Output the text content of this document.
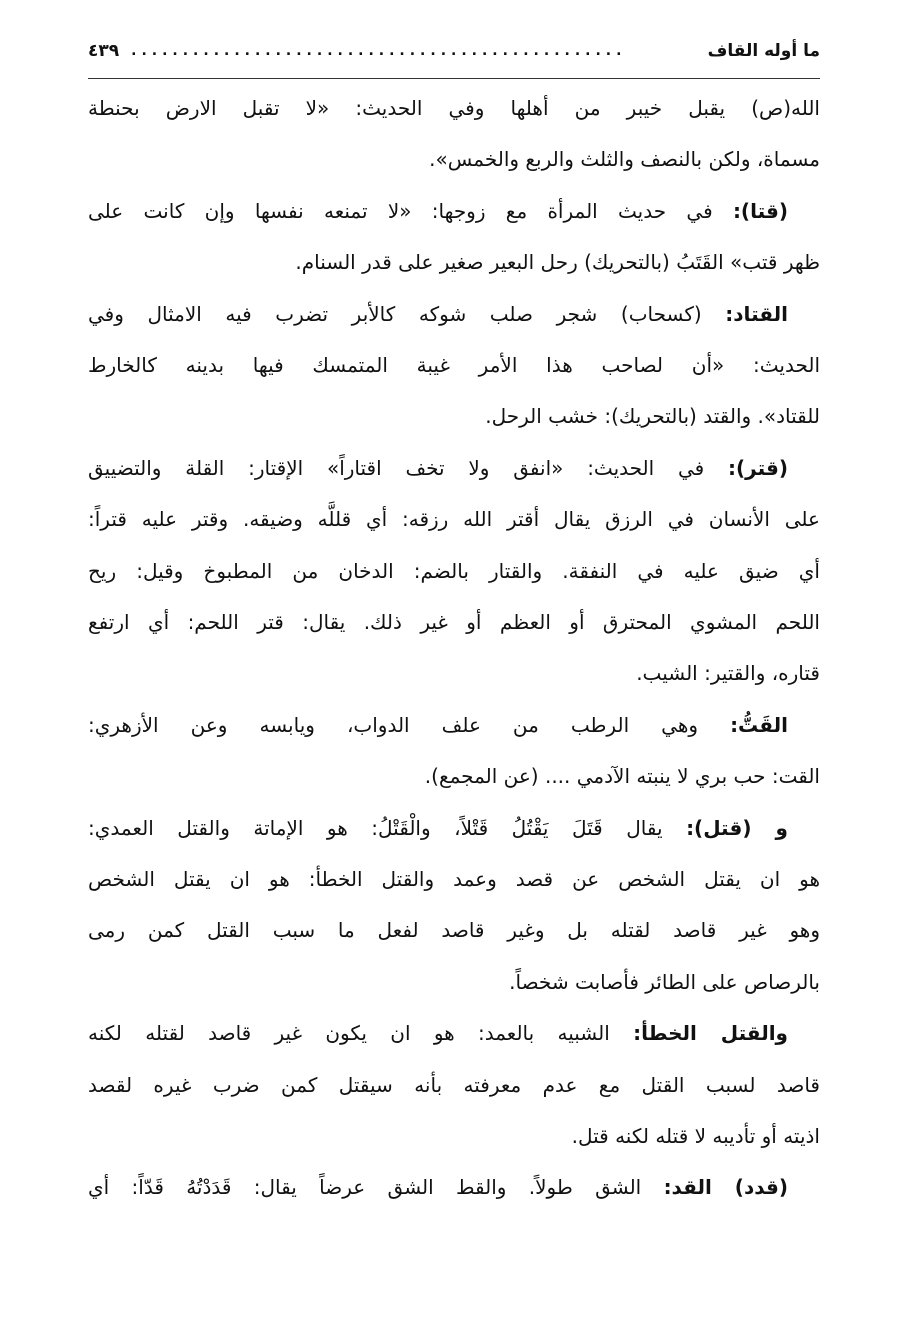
ما أوله القاف
................................................
٤٣٩
الله(ص) يقبل خيبر من أهلها وفي الحديث: «لا تقبل الارض بحنطة
مسماة، ولكن بالنصف والثلث والربع والخمس».
(قتا): في حديث المرأة مع زوجها: «لا تمنعه نفسها وإن كانت على
ظهر قتب» القَتَبُ (بالتحريك) رحل البعير صغير على قدر السنام.
القتاد: (كسحاب) شجر صلب شوكه كالأبر تضرب فيه الامثال وفي
الحديث: «أن لصاحب هذا الأمر غيبة المتمسك فيها بدينه كالخارط
للقتاد». والقتد (بالتحريك): خشب الرحل.
(قتر): في الحديث: «انفق ولا تخف اقتاراً» الإقتار: القلة والتضييق
على الأنسان في الرزق يقال أقتر الله رزقه: أي قللَّه وضيقه. وقتر عليه قتراً:
أي ضيق عليه في النفقة. والقتار بالضم: الدخان من المطبوخ وقيل: ريح
اللحم المشوي المحترق أو العظم أو غير ذلك. يقال: قتر اللحم: أي ارتفع
قتاره، والقتير: الشيب.
القَتُّ: وهي الرطب من علف الدواب، ويابسه وعن الأزهري:
القت: حب بري لا ينبته الآدمي .... (عن المجمع).
و (قتل): يقال قَتَلَ يَقْتُلُ قَتْلاً، والْقَتْلُ: هو الإماتة والقتل العمدي:
هو ان يقتل الشخص عن قصد وعمد والقتل الخطأ: هو ان يقتل الشخص
وهو غير قاصد لقتله بل وغير قاصد لفعل ما سبب القتل كمن رمى
بالرصاص على الطائر فأصابت شخصاً.
والقتل الخطأ: الشبيه بالعمد: هو ان يكون غير قاصد لقتله لكنه
قاصد لسبب القتل مع عدم معرفته بأنه سيقتل كمن ضرب غيره لقصد
اذيته أو تأديبه لا قتله لكنه قتل.
(قدد) القد: الشق طولاً. والقط الشق عرضاً يقال: قَدَدْتُهُ قَدّاً: أي
